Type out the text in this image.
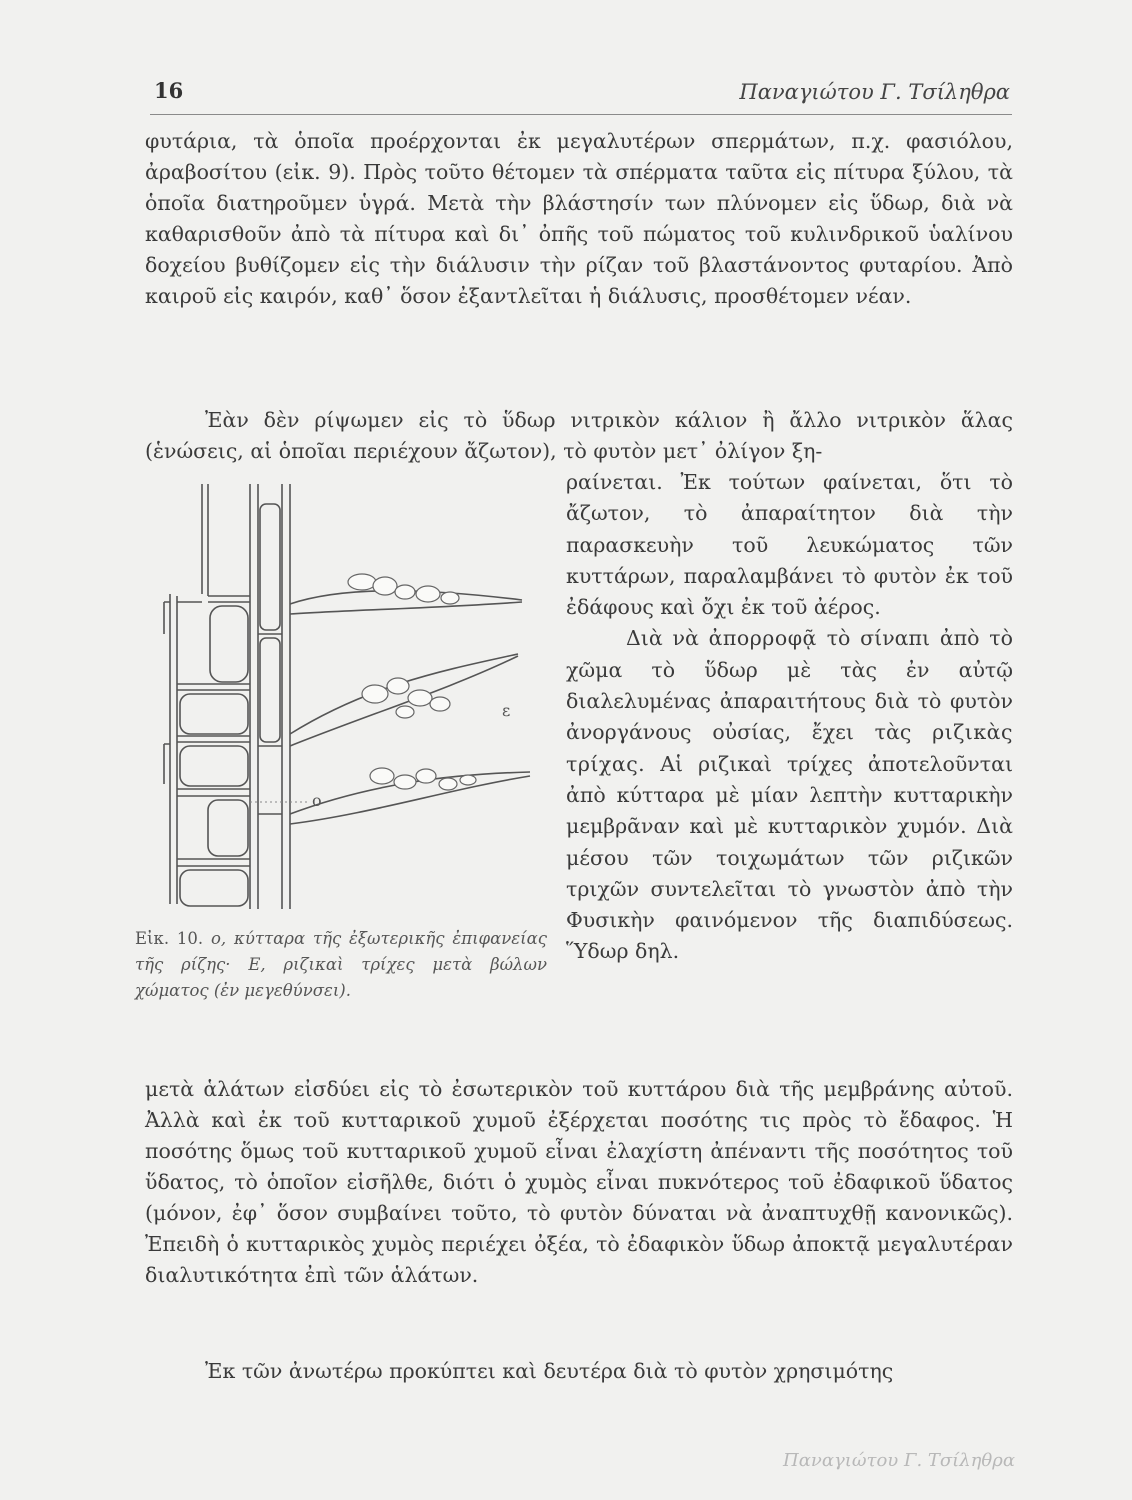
16	Παναγιώτου Γ. Τσίληθρα

φυτάρια, τὰ ὁποῖα προέρχονται ἐκ μεγαλυτέρων σπερμάτων, π.χ. φασιόλου, ἀραβοσίτου (εἰκ. 9). Πρὸς τοῦτο θέτομεν τὰ σπέρματα ταῦτα εἰς πίτυρα ξύλου, τὰ ὁποῖα διατηροῦμεν ὑγρά. Μετὰ τὴν βλάστησίν των πλύνομεν εἰς ὕδωρ, διὰ νὰ καθαρισθοῦν ἀπὸ τὰ πίτυρα καὶ δι᾽ ὀπῆς τοῦ πώματος τοῦ κυλινδρικοῦ ὑαλίνου δοχείου βυθίζομεν εἰς τὴν διάλυσιν τὴν ρίζαν τοῦ βλαστάνοντος φυταρίου. Ἀπὸ καιροῦ εἰς καιρόν, καθ᾽ ὅσον ἐξαντλεῖται ἡ διάλυσις, προσθέτομεν νέαν.

Ἐὰν δὲν ρίψωμεν εἰς τὸ ὕδωρ νιτρικὸν κάλιον ἢ ἄλλο νιτρικὸν ἅλας (ἑνώσεις, αἱ ὁποῖαι περιέχουν ἄζωτον), τὸ φυτὸν μετ᾽ ὀλίγον ξη-

ραίνεται. Ἐκ τούτων φαίνεται, ὅτι τὸ ἄζωτον, τὸ ἀπαραίτητον διὰ τὴν παρασκευὴν τοῦ λευκώματος τῶν κυττάρων, παραλαμβάνει τὸ φυτὸν ἐκ τοῦ ἐδάφους καὶ ὄχι ἐκ τοῦ ἀέρος.

Διὰ νὰ ἀπορροφᾷ τὸ σίναπι ἀπὸ τὸ χῶμα τὸ ὕδωρ μὲ τὰς ἐν αὐτῷ διαλελυμένας ἀπαραιτήτους διὰ τὸ φυτὸν ἀνοργάνους οὐσίας, ἔχει τὰς ριζικὰς τρίχας. Αἱ ριζικαὶ τρίχες ἀποτελοῦνται ἀπὸ κύτταρα μὲ μίαν λεπτὴν κυτταρικὴν μεμβρᾶναν καὶ μὲ κυτταρικὸν χυμόν. Διὰ μέσου τῶν τοιχωμάτων τῶν ριζικῶν τριχῶν συντελεῖται τὸ γνωστὸν ἀπὸ τὴν Φυσικὴν φαινόμενον τῆς διαπιδύσεως. Ὕδωρ δηλ.

o
ε
Εἰκ. 10. ο, κύτταρα τῆς ἐξωτερικῆς ἐπιφανείας τῆς ρίζης· Ε, ριζικαὶ τρίχες μετὰ βώλων χώματος (ἐν μεγεθύνσει).

μετὰ ἁλάτων εἰσδύει εἰς τὸ ἐσωτερικὸν τοῦ κυττάρου διὰ τῆς μεμβράνης αὐτοῦ. Ἀλλὰ καὶ ἐκ τοῦ κυτταρικοῦ χυμοῦ ἐξέρχεται ποσότης τις πρὸς τὸ ἔδαφος. Ἡ ποσότης ὅμως τοῦ κυτταρικοῦ χυμοῦ εἶναι ἐλαχίστη ἀπέναντι τῆς ποσότητος τοῦ ὕδατος, τὸ ὁποῖον εἰσῆλθε, διότι ὁ χυμὸς εἶναι πυκνότερος τοῦ ἐδαφικοῦ ὕδατος (μόνον, ἐφ᾽ ὅσον συμβαίνει τοῦτο, τὸ φυτὸν δύναται νὰ ἀναπτυχθῇ κανονικῶς). Ἐπειδὴ ὁ κυτταρικὸς χυμὸς περιέχει ὀξέα, τὸ ἐδαφικὸν ὕδωρ ἀποκτᾷ μεγαλυτέραν διαλυτικότητα ἐπὶ τῶν ἁλάτων.

Ἐκ τῶν ἀνωτέρω προκύπτει καὶ δευτέρα διὰ τὸ φυτὸν χρησιμότης

Παναγιώτου Γ. Τσίληθρα
